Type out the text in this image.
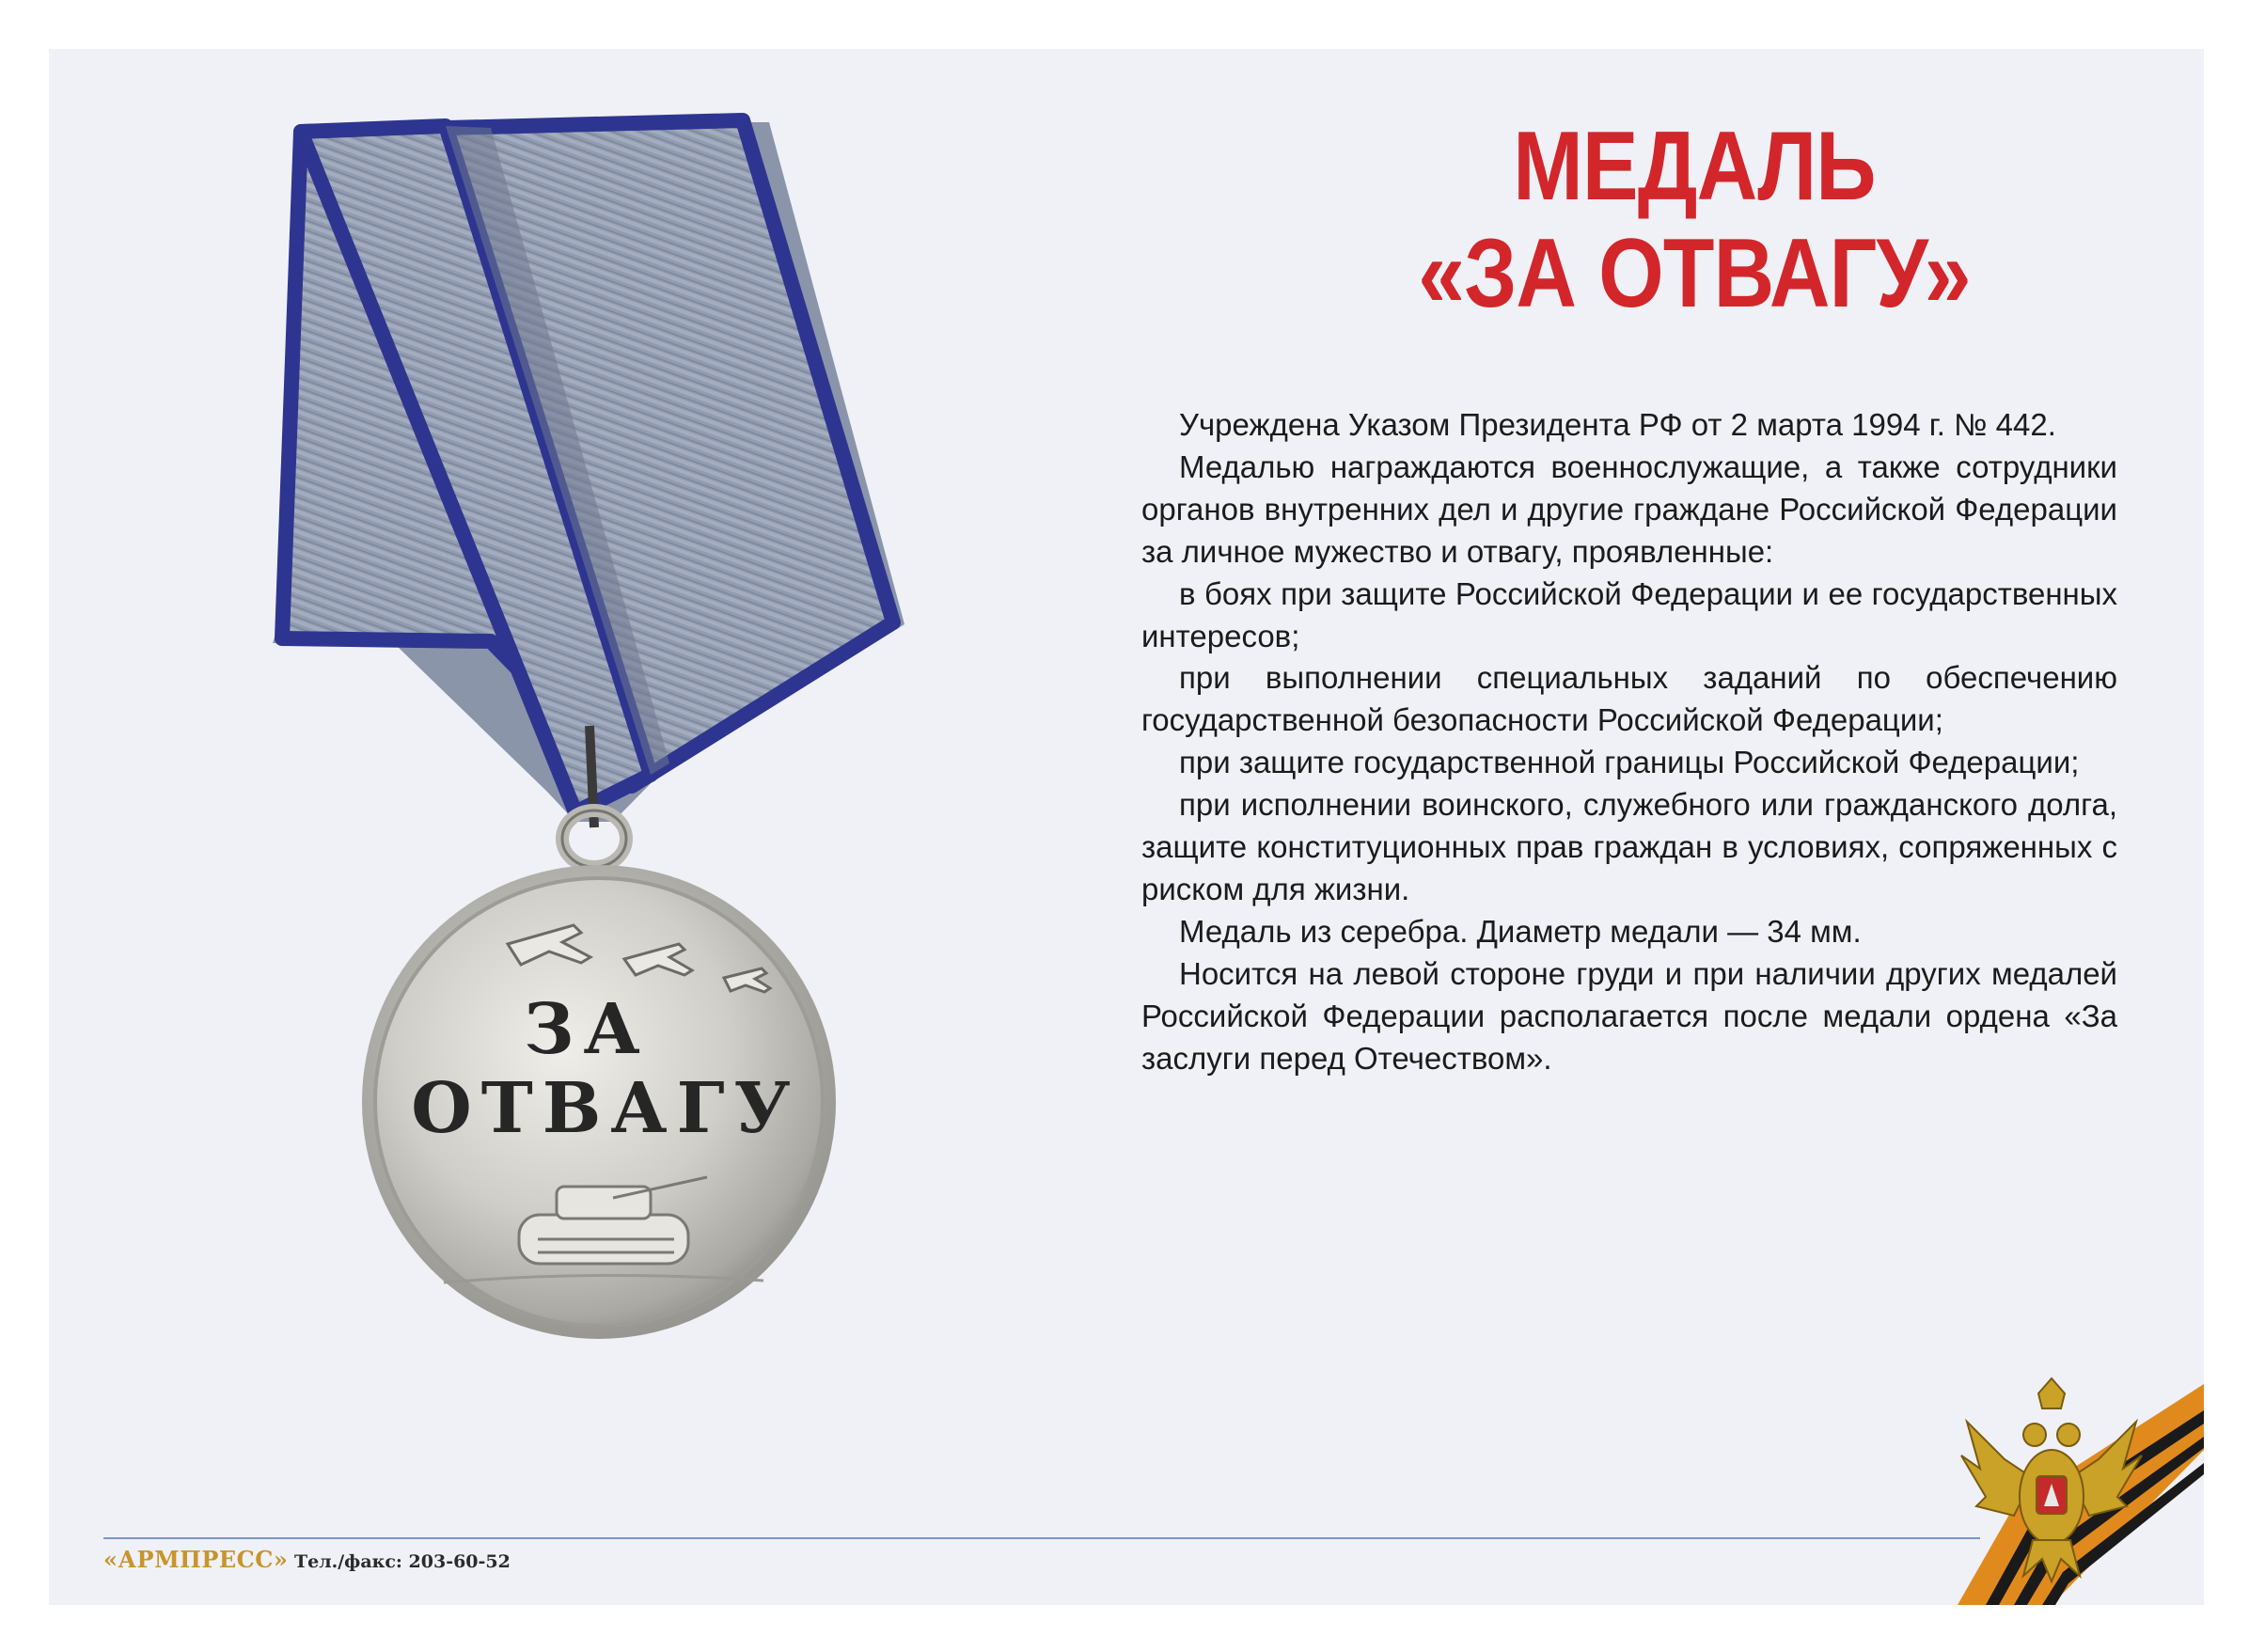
ЗА
ОТВАГУ
МЕДАЛЬ
«ЗА ОТВАГУ»

Учреждена Указом Президента РФ от 2 марта 1994 г. № 442.

Медалью награждаются военнослужащие, а также сотрудники органов внутренних дел и другие граждане Российской Федерации за личное мужество и отвагу, проявленные:

в боях при защите Российской Федерации и ее государственных интересов;

при выполнении специальных заданий по обеспечению государственной безопасности Российской Федерации;

при защите государственной границы Российской Федерации;

при исполнении воинского, служебного или гражданского долга, защите конституционных прав граждан в условиях, сопряженных с риском для жизни.

Медаль из серебра. Диаметр медали — 34 мм.

Носится на левой стороне груди и при наличии других медалей Российской Федерации располагается после медали ордена «За заслуги перед Отечеством».

«АРМПРЕСС» Тел./факс: 203-60-52
